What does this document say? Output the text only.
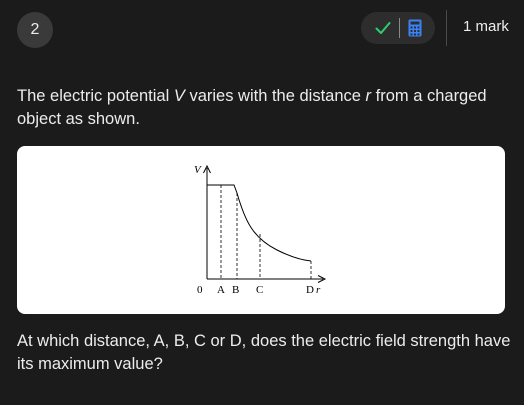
2	1 mark
The electric potential V varies with the distance r from a charged object as shown.
V
0 A B C	D r
At which distance, A, B, C or D, does the electric field strength have its maximum value?
